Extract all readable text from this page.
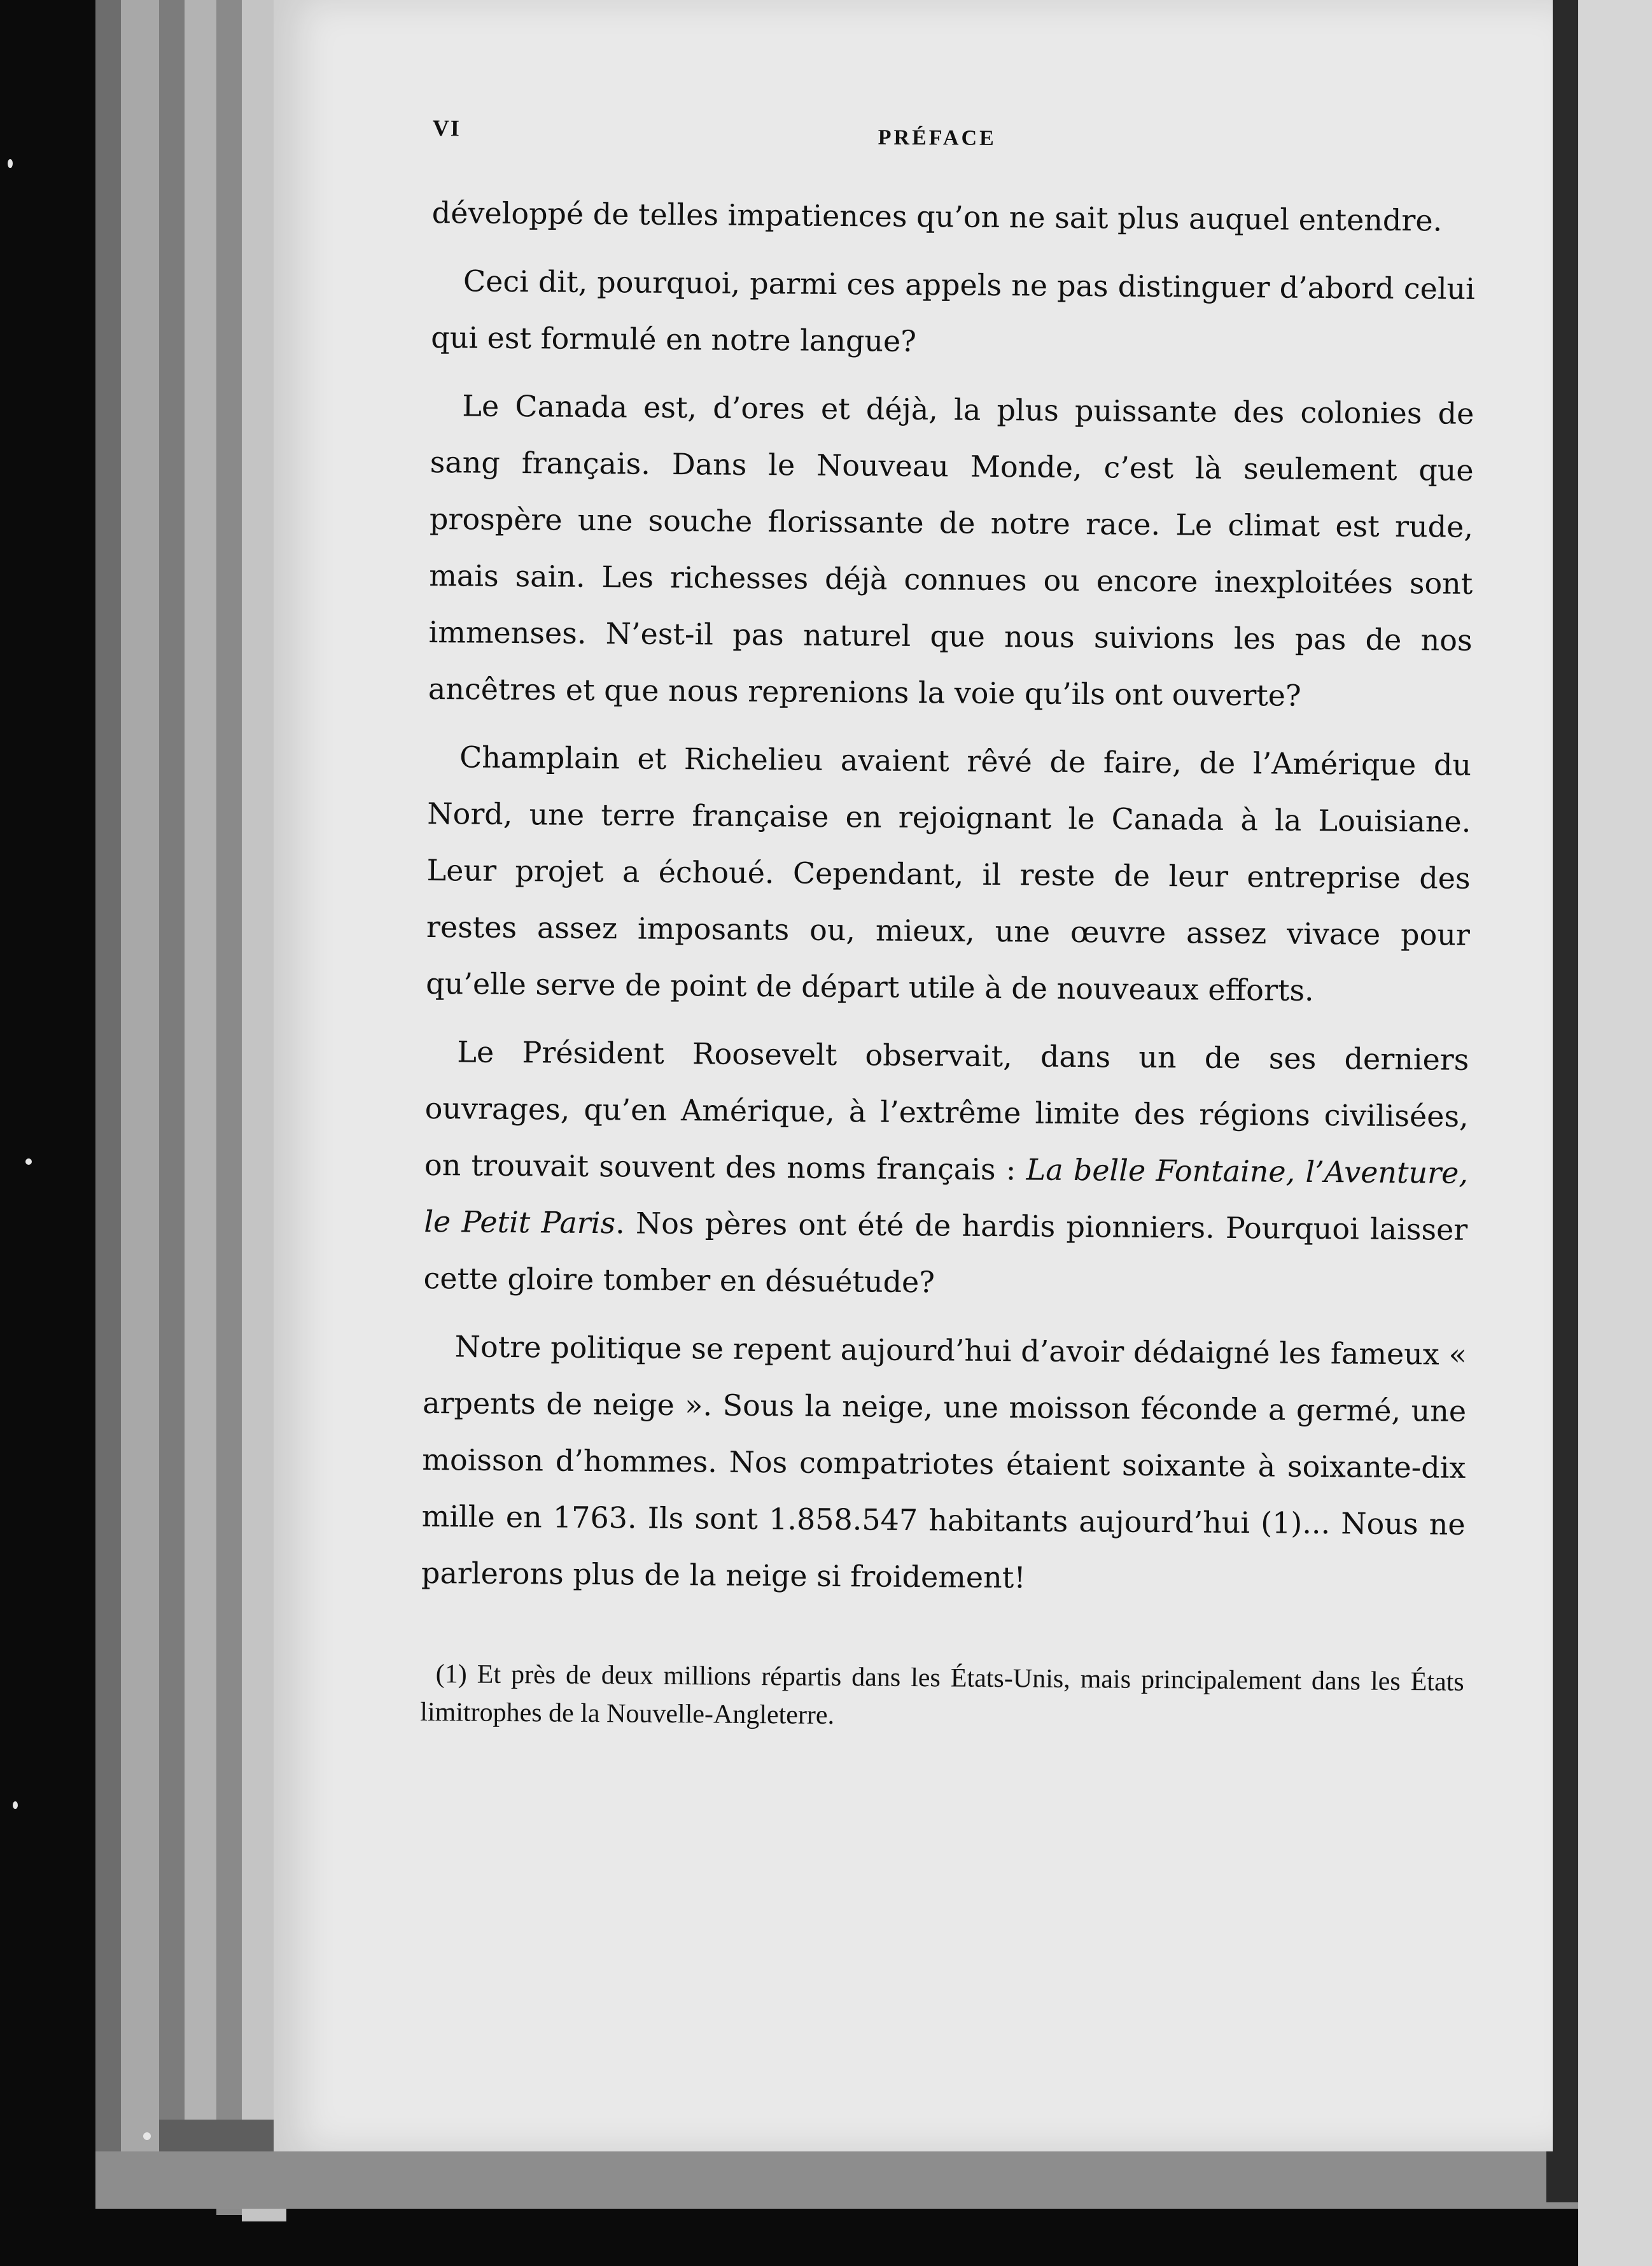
VI	PRÉFACE

développé de telles impatiences qu’on ne sait plus auquel entendre.

Ceci dit, pourquoi, parmi ces appels ne pas distinguer d’abord celui qui est formulé en notre langue?

Le Canada est, d’ores et déjà, la plus puissante des colonies de sang français. Dans le Nouveau Monde, c’est là seulement que prospère une souche florissante de notre race. Le climat est rude, mais sain. Les richesses déjà connues ou encore inexploitées sont immenses. N’est-il pas naturel que nous suivions les pas de nos ancêtres et que nous reprenions la voie qu’ils ont ouverte?

Champlain et Richelieu avaient rêvé de faire, de l’Amérique du Nord, une terre française en rejoignant le Canada à la Louisiane. Leur projet a échoué. Cependant, il reste de leur entreprise des restes assez imposants ou, mieux, une œuvre assez vivace pour qu’elle serve de point de départ utile à de nouveaux efforts.

Le Président Roosevelt observait, dans un de ses derniers ouvrages, qu’en Amérique, à l’extrême limite des régions civilisées, on trouvait souvent des noms français : La belle Fontaine, l’Aventure, le Petit Paris. Nos pères ont été de hardis pionniers. Pourquoi laisser cette gloire tomber en désuétude?

Notre politique se repent aujourd’hui d’avoir dédaigné les fameux « arpents de neige ». Sous la neige, une moisson féconde a germé, une moisson d’hommes. Nos compatriotes étaient soixante à soixante-dix mille en 1763. Ils sont 1.858.547 habitants aujourd’hui (1)... Nous ne parlerons plus de la neige si froidement!

(1) Et près de deux millions répartis dans les États-Unis, mais principalement dans les États limitrophes de la Nouvelle-Angleterre.
